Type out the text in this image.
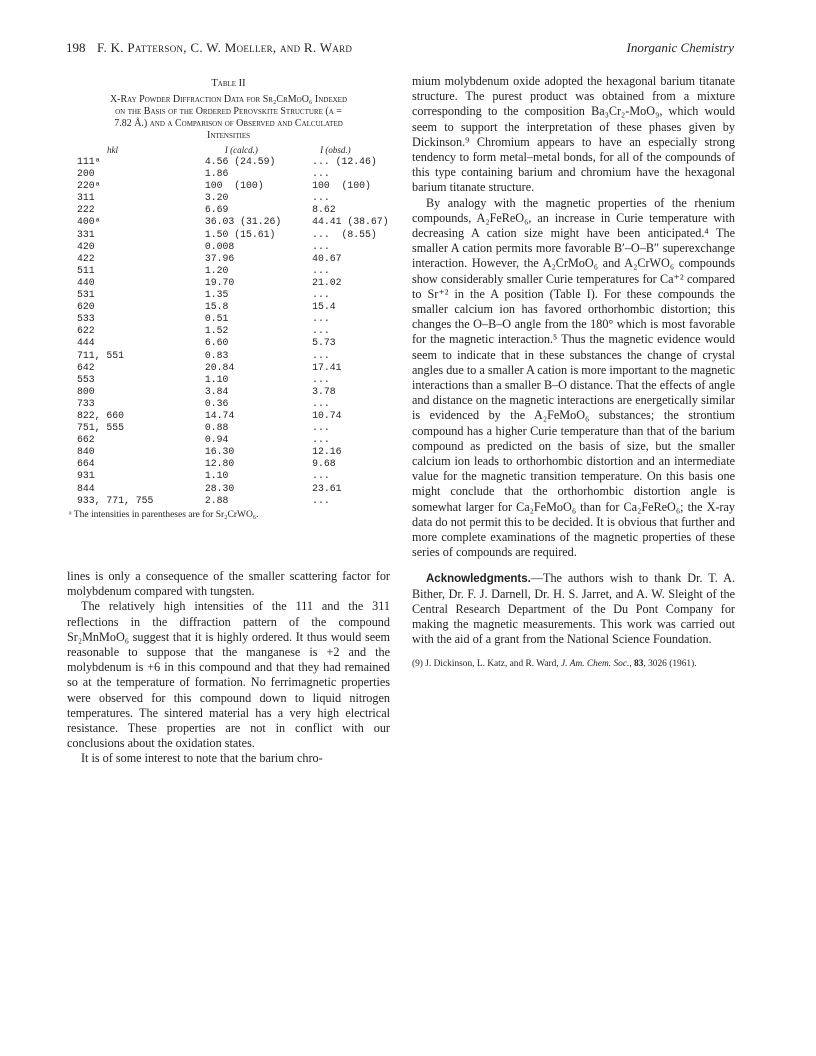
198 F. K. Patterson, C. W. Moeller, and R. Ward	Inorganic Chemistry
Table II
X-Ray Powder Diffraction Data for Sr₂CrMoO₆ Indexed
on the Basis of the Ordered Perovskite Structure (a =
7.82 Å.) and a Comparison of Observed and Calculated
Intensities
hkl	I (calcd.)	I (obsd.)
111ᵃ	4.56 (24.59)	... (12.46)
200	1.86	...
220ᵃ	100  (100)	100  (100)
311	3.20	...
222	6.69	8.62
400ᵃ	36.03 (31.26)	44.41 (38.67)
331	1.50 (15.61)	...  (8.55)
420	0.008	...
422	37.96	40.67
511	1.20	...
440	19.70	21.02
531	1.35	...
620	15.8	15.4
533	0.51	...
622	1.52	...
444	6.60	5.73
711, 551	0.83	...
642	20.84	17.41
553	1.10	...
800	3.84	3.78
733	0.36	...
822, 660	14.74	10.74
751, 555	0.88	...
662	0.94	...
840	16.30	12.16
664	12.80	9.68
931	1.10	...
844	28.30	23.61
933, 771, 755	2.88	...
ᵃ The intensities in parentheses are for Sr₂CrWO₆.

lines is only a consequence of the smaller scattering factor for molybdenum compared with tungsten.

The relatively high intensities of the 111 and the 311 reflections in the diffraction pattern of the compound Sr₂MnMoO₆ suggest that it is highly ordered. It thus would seem reasonable to suppose that the manganese is +2 and the molybdenum is +6 in this compound and that they had remained so at the temperature of formation. No ferrimagnetic properties were observed for this compound down to liquid nitrogen temperatures. The sintered material has a very high electrical resistance. These properties are not in conflict with our conclusions about the oxidation states.

It is of some interest to note that the barium chro-

mium molybdenum oxide adopted the hexagonal barium titanate structure. The purest product was obtained from a mixture corresponding to the composition Ba₃Cr₂-MoO₉, which would seem to support the interpretation of these phases given by Dickinson.⁹ Chromium appears to have an especially strong tendency to form metal–metal bonds, for all of the compounds of this type containing barium and chromium have the hexagonal barium titanate structure.

By analogy with the magnetic properties of the rhenium compounds, A₂FeReO₆, an increase in Curie temperature with decreasing A cation size might have been anticipated.⁴ The smaller A cation permits more favorable B′–O–B″ superexchange interaction. However, the A₂CrMoO₆ and A₂CrWO₆ compounds show considerably smaller Curie temperatures for Ca⁺² compared to Sr⁺² in the A position (Table I). For these compounds the smaller calcium ion has favored orthorhombic distortion; this changes the O–B–O angle from the 180° which is most favorable for the magnetic interaction.⁵ Thus the magnetic evidence would seem to indicate that in these substances the change of crystal angles due to a smaller A cation is more important to the magnetic interactions than a smaller B–O distance. That the effects of angle and distance on the magnetic interactions are energetically similar is evidenced by the A₂FeMoO₆ substances; the strontium compound has a higher Curie temperature than that of the barium compound as predicted on the basis of size, but the smaller calcium ion leads to orthorhombic distortion and an intermediate value for the magnetic transition temperature. On this basis one might conclude that the orthorhombic distortion angle is somewhat larger for Ca₂FeMoO₆ than for Ca₂FeReO₆; the X-ray data do not permit this to be decided. It is obvious that further and more complete examinations of the magnetic properties of these series of compounds are required.

Acknowledgments.—The authors wish to thank Dr. T. A. Bither, Dr. F. J. Darnell, Dr. H. S. Jarret, and A. W. Sleight of the Central Research Department of the Du Pont Company for making the magnetic measurements. This work was carried out with the aid of a grant from the National Science Foundation.

(9) J. Dickinson, L. Katz, and R. Ward, J. Am. Chem. Soc., 83, 3026 (1961).
